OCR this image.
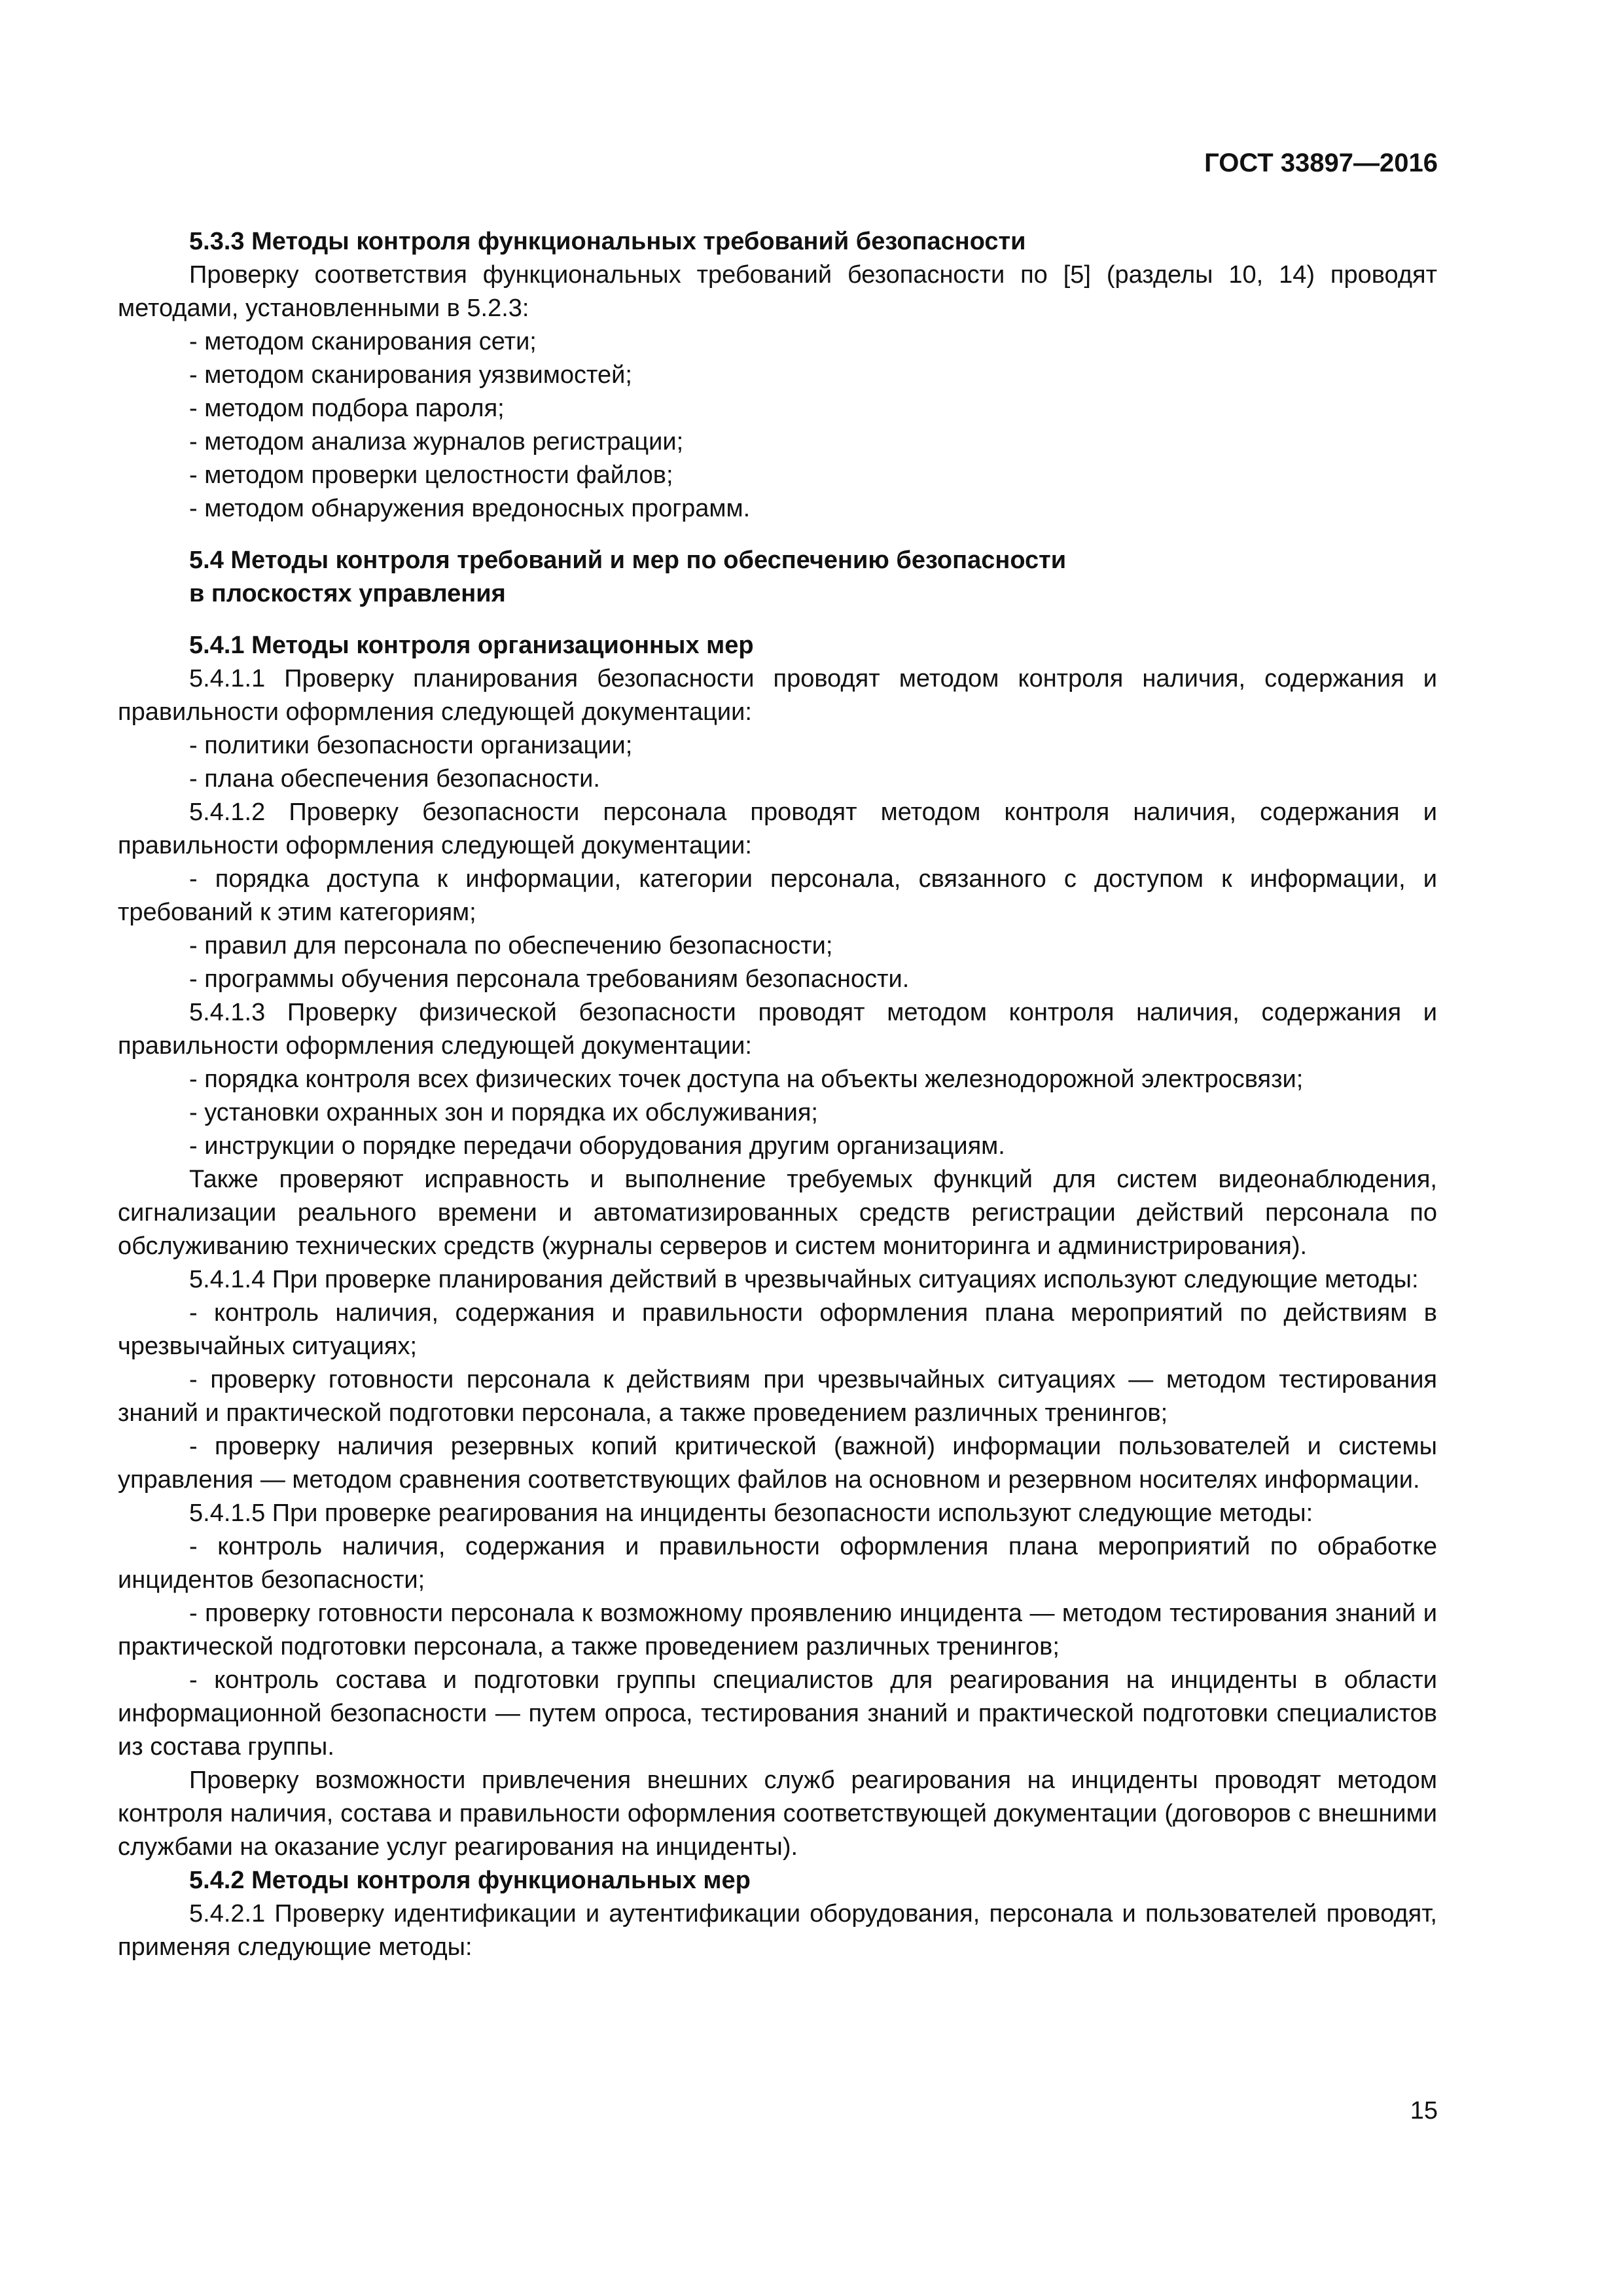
ГОСТ 33897—2016
5.3.3 Методы контроля функциональных требований безопасности
Проверку соответствия функциональных требований безопасности по [5] (разделы 10, 14) проводят методами, установленными в 5.2.3:
- методом сканирования сети;
- методом сканирования уязвимостей;
- методом подбора пароля;
- методом анализа журналов регистрации;
- методом проверки целостности файлов;
- методом обнаружения вредоносных программ.
5.4 Методы контроля требований и мер по обеспечению безопасности
в плоскостях управления
5.4.1 Методы контроля организационных мер
5.4.1.1 Проверку планирования безопасности проводят методом контроля наличия, содержания и правильности оформления следующей документации:
- политики безопасности организации;
- плана обеспечения безопасности.
5.4.1.2 Проверку безопасности персонала проводят методом контроля наличия, содержания и правильности оформления следующей документации:
- порядка доступа к информации, категории персонала, связанного с доступом к информации, и требований к этим категориям;
- правил для персонала по обеспечению безопасности;
- программы обучения персонала требованиям безопасности.
5.4.1.3 Проверку физической безопасности проводят методом контроля наличия, содержания и правильности оформления следующей документации:
- порядка контроля всех физических точек доступа на объекты железнодорожной электросвязи;
- установки охранных зон и порядка их обслуживания;
- инструкции о порядке передачи оборудования другим организациям.
Также проверяют исправность и выполнение требуемых функций для систем видеонаблюдения, сигнализации реального времени и автоматизированных средств регистрации действий персонала по обслуживанию технических средств (журналы серверов и систем мониторинга и администрирования).
5.4.1.4 При проверке планирования действий в чрезвычайных ситуациях используют следующие методы:
- контроль наличия, содержания и правильности оформления плана мероприятий по действиям в чрезвычайных ситуациях;
- проверку готовности персонала к действиям при чрезвычайных ситуациях — методом тестирования знаний и практической подготовки персонала, а также проведением различных тренингов;
- проверку наличия резервных копий критической (важной) информации пользователей и системы управления — методом сравнения соответствующих файлов на основном и резервном носителях информации.
5.4.1.5 При проверке реагирования на инциденты безопасности используют следующие методы:
- контроль наличия, содержания и правильности оформления плана мероприятий по обработке инцидентов безопасности;
- проверку готовности персонала к возможному проявлению инцидента — методом тестирования знаний и практической подготовки персонала, а также проведением различных тренингов;
- контроль состава и подготовки группы специалистов для реагирования на инциденты в области информационной безопасности — путем опроса, тестирования знаний и практической подготовки специалистов из состава группы.
Проверку возможности привлечения внешних служб реагирования на инциденты проводят методом контроля наличия, состава и правильности оформления соответствующей документации (договоров с внешними службами на оказание услуг реагирования на инциденты).
5.4.2 Методы контроля функциональных мер
5.4.2.1 Проверку идентификации и аутентификации оборудования, персонала и пользователей проводят, применяя следующие методы:
15
